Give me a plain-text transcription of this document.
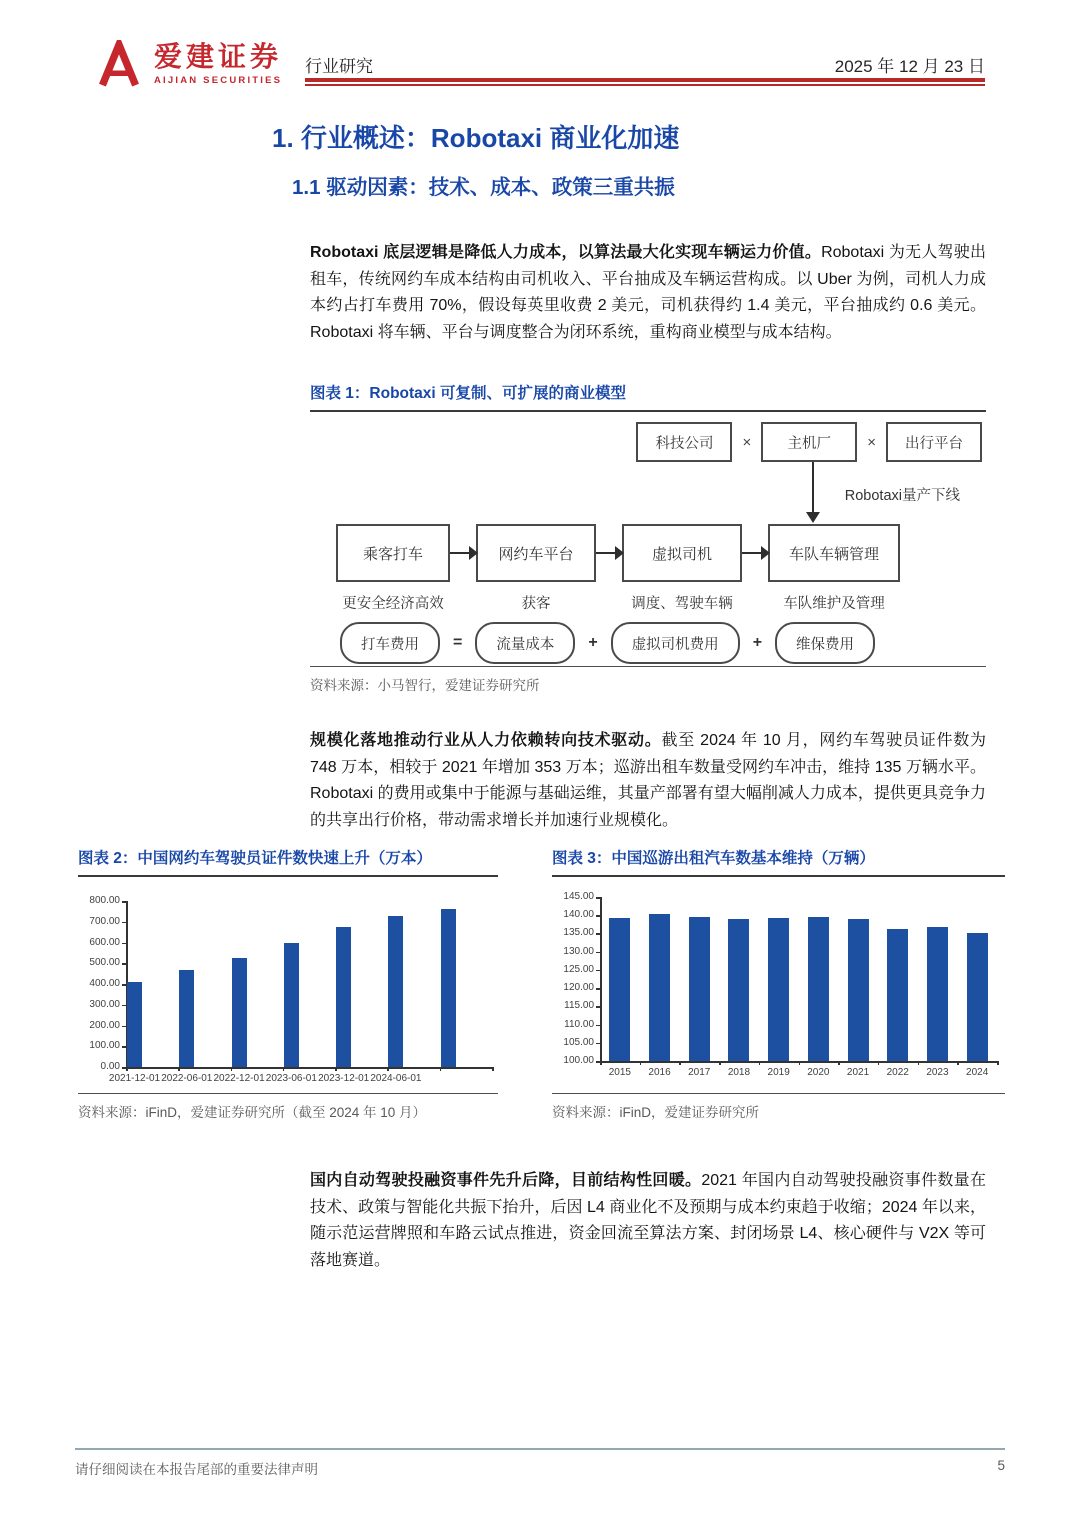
爱建证券
AIJIAN SECURITIES
行业研究	2025 年 12 月 23 日
1. 行业概述：Robotaxi 商业化加速
1.1 驱动因素：技术、成本、政策三重共振

Robotaxi 底层逻辑是降低人力成本，以算法最大化实现车辆运力价值。Robotaxi 为无人驾驶出租车，传统网约车成本结构由司机收入、平台抽成及车辆运营构成。以 Uber 为例，司机人力成本约占打车费用 70%，假设每英里收费 2 美元，司机获得约 1.4 美元，平台抽成约 0.6 美元。Robotaxi 将车辆、平台与调度整合为闭环系统，重构商业模型与成本结构。

图表 1：Robotaxi 可复制、可扩展的商业模型
科技公司	×	主机厂	×	出行平台
Robotaxi量产下线
乘客打车	网约车平台	虚拟司机	车队车辆管理
更安全经济高效	获客	调度、驾驶车辆	车队维护及管理
打车费用	=	流量成本	+	虚拟司机费用	+	维保费用
资料来源：小马智行，爱建证券研究所

规模化落地推动行业从人力依赖转向技术驱动。截至 2024 年 10 月，网约车驾驶员证件数为 748 万本，相较于 2021 年增加 353 万本；巡游出租车数量受网约车冲击，维持 135 万辆水平。Robotaxi 的费用或集中于能源与基础运维，其量产部署有望大幅削减人力成本，提供更具竞争力的共享出行价格，带动需求增长并加速行业规模化。

图表 2：中国网约车驾驶员证件数快速上升（万本）
0.00
100.00
200.00
300.00
400.00
500.00
600.00
700.00
800.00
2021-12-01 2022-06-01 2022-12-01 2023-06-01 2023-12-01 2024-06-01
资料来源：iFinD，爱建证券研究所（截至 2024 年 10 月）
图表 3：中国巡游出租汽车数基本维持（万辆）
100.00
105.00
110.00
115.00
120.00
125.00
130.00
135.00
140.00
145.00
2015	2016	2017	2018	2019	2020	2021	2022	2023	2024
资料来源：iFinD，爱建证券研究所

国内自动驾驶投融资事件先升后降，目前结构性回暖。2021 年国内自动驾驶投融资事件数量在技术、政策与智能化共振下抬升，后因 L4 商业化不及预期与成本约束趋于收缩；2024 年以来，随示范运营牌照和车路云试点推进，资金回流至算法方案、封闭场景 L4、核心硬件与 V2X 等可落地赛道。

请仔细阅读在本报告尾部的重要法律声明	5
